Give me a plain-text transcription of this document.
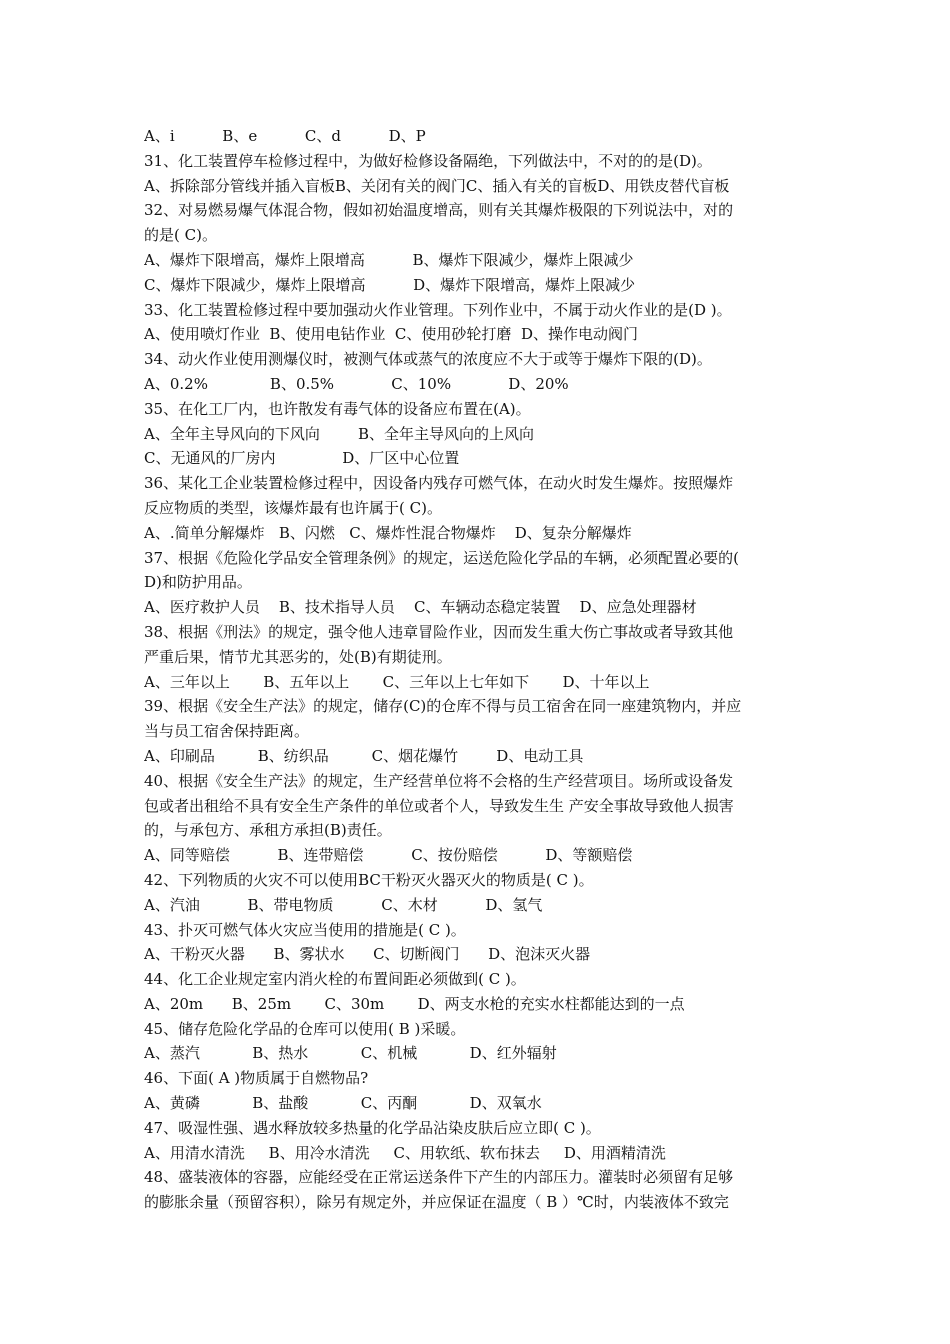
A、i          B、e          C、d          D、P
31、化工装置停车检修过程中，为做好检修设备隔绝，下列做法中，不对的的是(D)。
A、拆除部分管线并插入盲板B、关闭有关的阀门C、插入有关的盲板D、用铁皮替代盲板
32、对易燃易爆气体混合物，假如初始温度增高，则有关其爆炸极限的下列说法中，对的
的是( C)。
A、爆炸下限增高，爆炸上限增高          B、爆炸下限减少，爆炸上限减少
C、爆炸下限减少，爆炸上限增高          D、爆炸下限增高，爆炸上限减少
33、化工装置检修过程中要加强动火作业管理。下列作业中，不属于动火作业的是(D )。
A、使用喷灯作业  B、使用电钻作业  C、使用砂轮打磨  D、操作电动阀门
34、动火作业使用测爆仪时，被测气体或蒸气的浓度应不大于或等于爆炸下限的(D)。
A、0.2%             B、0.5%            C、10%            D、20%
35、在化工厂内，也许散发有毒气体的设备应布置在(A)。
A、全年主导风向的下风向        B、全年主导风向的上风向
C、无通风的厂房内              D、厂区中心位置
36、某化工企业装置检修过程中，因设备内残存可燃气体，在动火时发生爆炸。按照爆炸
反应物质的类型，该爆炸最有也许属于( C)。
A、.简单分解爆炸   B、闪燃   C、爆炸性混合物爆炸    D、复杂分解爆炸
37、根据《危险化学品安全管理条例》的规定，运送危险化学品的车辆，必须配置必要的(
D)和防护用品。
A、医疗救护人员    B、技术指导人员    C、车辆动态稳定装置    D、应急处理器材
38、根据《刑法》的规定，强令他人违章冒险作业，因而发生重大伤亡事故或者导致其他
严重后果，情节尤其恶劣的，处(B)有期徒刑。
A、三年以上       B、五年以上       C、三年以上七年如下       D、十年以上
39、根据《安全生产法》的规定，储存(C)的仓库不得与员工宿舍在同一座建筑物内，并应
当与员工宿舍保持距离。
A、印刷品         B、纺织品         C、烟花爆竹        D、电动工具
40、根据《安全生产法》的规定，生产经营单位将不会格的生产经营项目。场所或设备发
包或者出租给不具有安全生产条件的单位或者个人，导致发生生 产安全事故导致他人损害
的，与承包方、承租方承担(B)责任。
A、同等赔偿          B、连带赔偿          C、按份赔偿          D、等额赔偿
42、下列物质的火灾不可以使用BC干粉灭火器灭火的物质是( C )。
A、汽油          B、带电物质          C、木材          D、氢气
43、扑灭可燃气体火灾应当使用的措施是( C )。
A、干粉灭火器      B、雾状水      C、切断阀门      D、泡沫灭火器
44、化工企业规定室内消火栓的布置间距必须做到( C )。
A、20m      B、25m       C、30m       D、两支水枪的充实水柱都能达到的一点
45、储存危险化学品的仓库可以使用( B )采暖。
A、蒸汽           B、热水           C、机械           D、红外辐射
46、下面( A )物质属于自燃物品?
A、黄磷           B、盐酸           C、丙酮           D、双氧水
47、吸湿性强、遇水释放较多热量的化学品沾染皮肤后应立即( C )。
A、用清水清洗     B、用冷水清洗     C、用软纸、软布抹去     D、用酒精清洗
48、盛装液体的容器，应能经受在正常运送条件下产生的内部压力。灌装时必须留有足够
的膨胀余量（预留容积），除另有规定外，并应保证在温度（ B ）℃时，内装液体不致完
